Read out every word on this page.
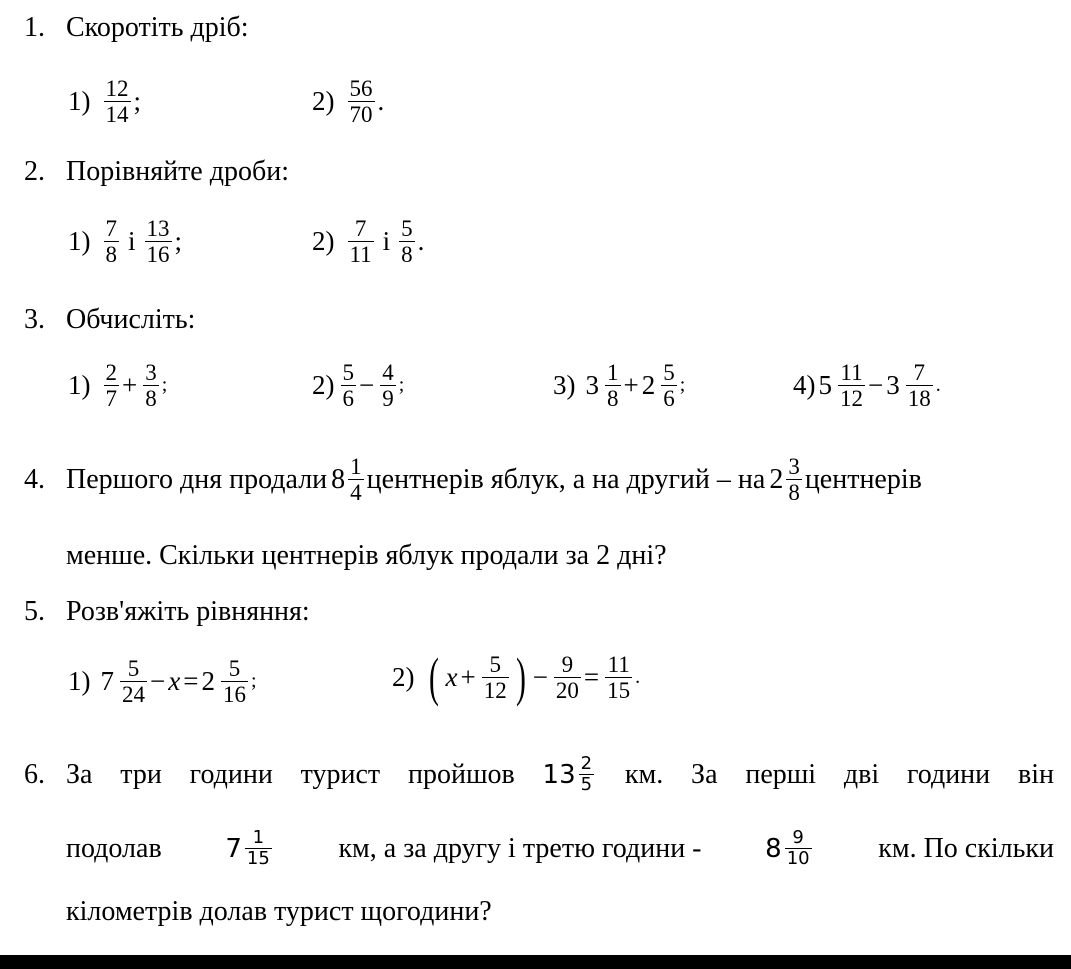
1. Скоротіть дріб:
$1) \frac{12}{14}$ ;	$2) \frac{56}{70}$ .
2. Порівняйте дроби:
$1) \frac{7}{8}$ і $\frac{13}{16}$ ;	$2) \frac{7}{11}$ і $\frac{5}{8}$ .
3. Обчисліть:
$1) \frac{2}{7} + \frac{3}{8}$ ;	$2) \frac{5}{6} - \frac{4}{9}$ ;	3) $3 \frac{1}{8} + 2 \frac{5}{6}$ ;	4) $5 \frac{11}{12} - 3 \frac{7}{18}$ .
4. Першого дня продали $8 \frac{1}{4}$ центнерів яблук, а на другий – на $2 \frac{3}{8}$ центнерів
менше. Скільки центнерів яблук продали за 2 дні?
5. Розв'яжіть рівняння:
1) $7 \frac{5}{24} - x = 2 \frac{5}{16}$ ;	2) ( $x + \frac{5}{12}$ ) − $\frac{9}{20} = \frac{11}{15}$ .
6. За три години турист пройшов $13 \frac{2}{5}$ км. За перші дві години він
подолав $7 \frac{1}{15}$ км, а за другу і третю години - $8 \frac{9}{10}$ км. По скільки
кілометрів долав турист щогодини?
